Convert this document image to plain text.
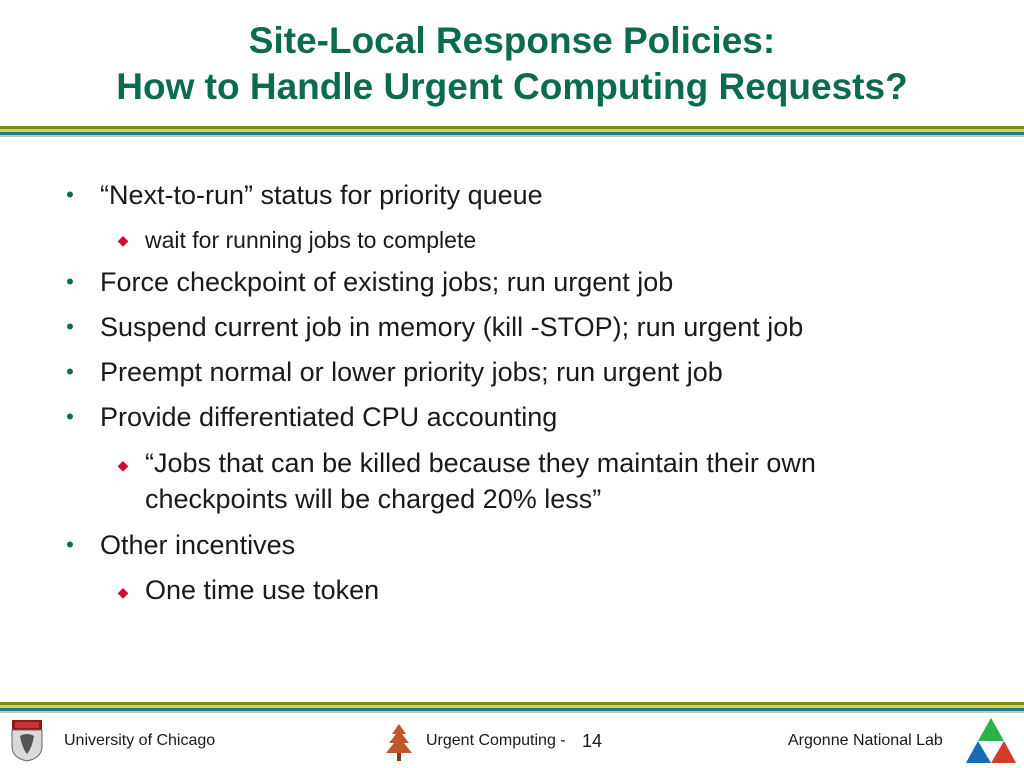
Site-Local Response Policies:
How to Handle Urgent Computing Requests?
• “Next-to-run” status for priority queue
◆ wait for running jobs to complete
• Force checkpoint of existing jobs; run urgent job
• Suspend current job in memory (kill -STOP); run urgent job
• Preempt normal or lower priority jobs; run urgent job
• Provide differentiated CPU accounting
◆ “Jobs that can be killed because they maintain their own
checkpoints will be charged 20% less”
• Other incentives
◆ One time use token
University of Chicago	Urgent Computing - 14	Argonne National Lab
